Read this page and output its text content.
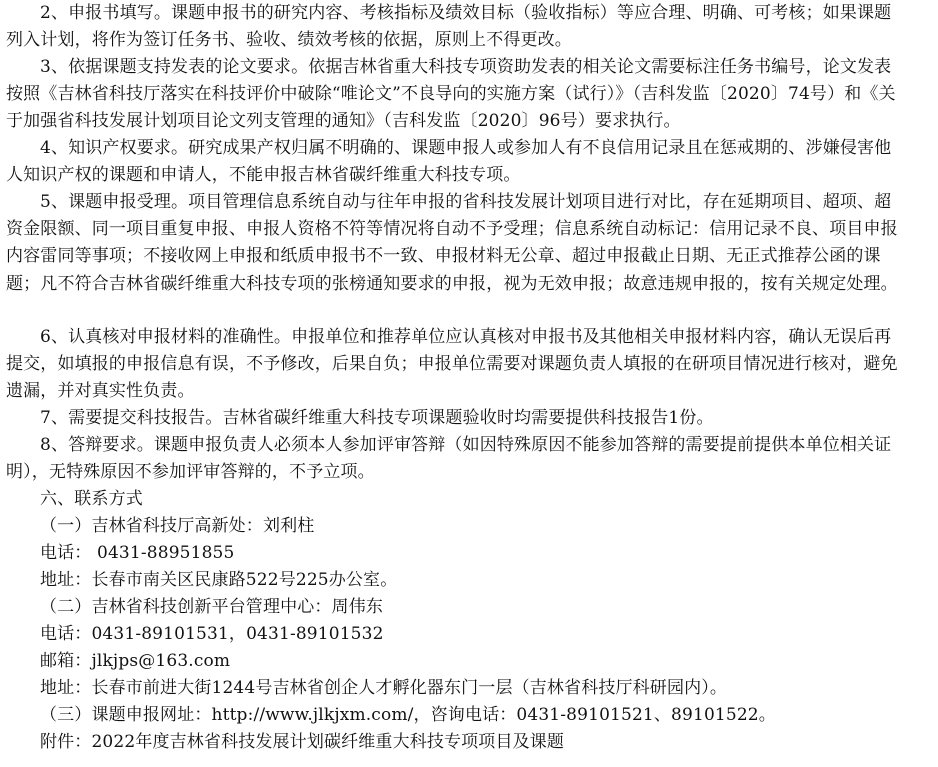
2、申报书填写。课题申报书的研究内容、考核指标及绩效目标（验收指标）等应合理、明确、可考核；如果课题列入计划，将作为签订任务书、验收、绩效考核的依据，原则上不得更改。

3、依据课题支持发表的论文要求。依据吉林省重大科技专项资助发表的相关论文需要标注任务书编号，论文发表按照《吉林省科技厅落实在科技评价中破除“唯论文”不良导向的实施方案（试行）》（吉科发监〔2020〕74号）和《关于加强省科技发展计划项目论文列支管理的通知》（吉科发监〔2020〕96号）要求执行。

4、知识产权要求。研究成果产权归属不明确的、课题申报人或参加人有不良信用记录且在惩戒期的、涉嫌侵害他人知识产权的课题和申请人，不能申报吉林省碳纤维重大科技专项。

5、课题申报受理。项目管理信息系统自动与往年申报的省科技发展计划项目进行对比，存在延期项目、超项、超资金限额、同一项目重复申报、申报人资格不符等情况将自动不予受理；信息系统自动标记：信用记录不良、项目申报内容雷同等事项；不接收网上申报和纸质申报书不一致、申报材料无公章、超过申报截止日期、无正式推荐公函的课题；凡不符合吉林省碳纤维重大科技专项的张榜通知要求的申报，视为无效申报；故意违规申报的，按有关规定处理。

6、认真核对申报材料的准确性。申报单位和推荐单位应认真核对申报书及其他相关申报材料内容，确认无误后再提交，如填报的申报信息有误，不予修改，后果自负；申报单位需要对课题负责人填报的在研项目情况进行核对，避免遗漏，并对真实性负责。

7、需要提交科技报告。吉林省碳纤维重大科技专项课题验收时均需要提供科技报告1份。

8、答辩要求。课题申报负责人必须本人参加评审答辩（如因特殊原因不能参加答辩的需要提前提供本单位相关证明），无特殊原因不参加评审答辩的，不予立项。

六、联系方式
（一）吉林省科技厅高新处：刘利柱
电话： 0431-88951855
地址：长春市南关区民康路522号225办公室。
（二）吉林省科技创新平台管理中心：周伟东
电话：0431-89101531，0431-89101532
邮箱：jlkjps@163.com
地址：长春市前进大街1244号吉林省创企人才孵化器东门一层（吉林省科技厅科研园内）。
（三）课题申报网址：http://www.jlkjxm.com/，咨询电话：0431-89101521、89101522。
附件：2022年度吉林省科技发展计划碳纤维重大科技专项项目及课题
